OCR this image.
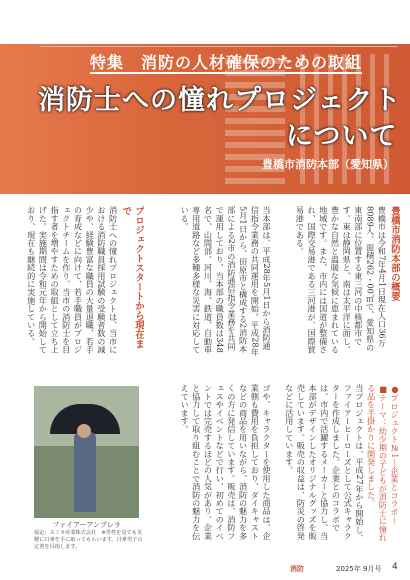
特集　消防の人材確保のための取組
消防士への憧れプロジェクト
について
豊橋市消防本部（愛知県）
豊橋市消防本部の概要
豊橋市は令和7年4月1日現在人口36万8089人、面積262・00㎡で、愛知県の東南部に位置する東三河の中核都市です。東は静岡県と、南は太平洋に面し、豊かな自然と温暖な気候に恵まれている地域です。また、市内には国道が整備され、国際交易港である三河港が、国際貿易港である。
●プロジェクト№1～企業とコラボ～
■テーマ：幼少期の子どもが消防士に憧れる品を手掛かりに開発しました。
当プロジェクトは、平成27年から開始し、ファイアーヒーローズとして公式キャラクターを作成しました。企業とのコラボでは、市内で活躍するメーカーと協力し、当本部がデザインしたオリジナルグッズを販売しています。販売の収益は、防災の啓発などに活用しています。
当本部は、平成28年5月1日から消防通信指令業務の共同運用を開始。平成28年5月1日から、田原市と構成する2消防本部による2市の消防通信指令業務を共同で運用しており、当本部の職員数は348名で、山間部、河川、海、鉄道、自動車専用道路など多種多様な災害に対応している。
ゴや、キャラクターを使用した商品は、企業側も費用を負担しており、ダイキャストなどの商品を用いながら、消防の魅力を多くの方に発信しています。販売は、消防フェスやイベントなどで行い、初めてのイベントでは完売するほどの人気があり、企業と協力して取り組むことで消防の魅力を伝えています。
プロジェクトスタートから現在まで
消防士への憧れプロジェクトは、当市における消防職員採用試験の受験者数の減少や、経験豊富な職員の大量退職、若手の育成などに向けて、若手職員がプロジェクトチームを作り、当市の消防士を目指す者を増やすための取組として立ち上げた。実施期間は令和元年から開始しており、現在も継続的に実施している。
ファイアーアンブレラ
協定：スミオ産業株式会社　※男性を見ても気軽に日傘を手に取ってもらいます。日傘男子の定着を目指します。
消防	2025年 9月号 4
